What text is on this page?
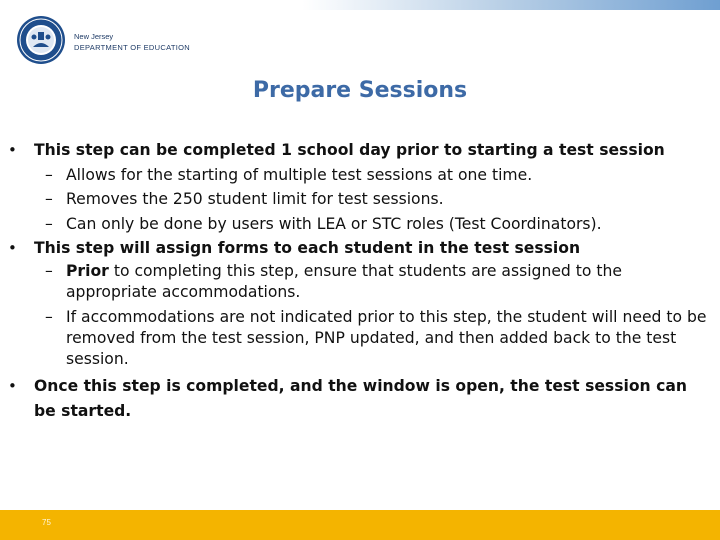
New Jersey
DEPARTMENT OF EDUCATION
Prepare Sessions
•	This step can be completed 1 school day prior to starting a test session
– Allows for the starting of multiple test sessions at one time.
– Removes the 250 student limit for test sessions.
– Can only be done by users with LEA or STC roles (Test Coordinators).
•	This step will assign forms to each student in the test session
– Prior to completing this step, ensure that students are assigned to the appropriate accommodations.
– If accommodations are not indicated prior to this step, the student will need to be removed from the test session, PNP updated, and then added back to the test session.
•	Once this step is completed, and the window is open, the test session can be started.
75
